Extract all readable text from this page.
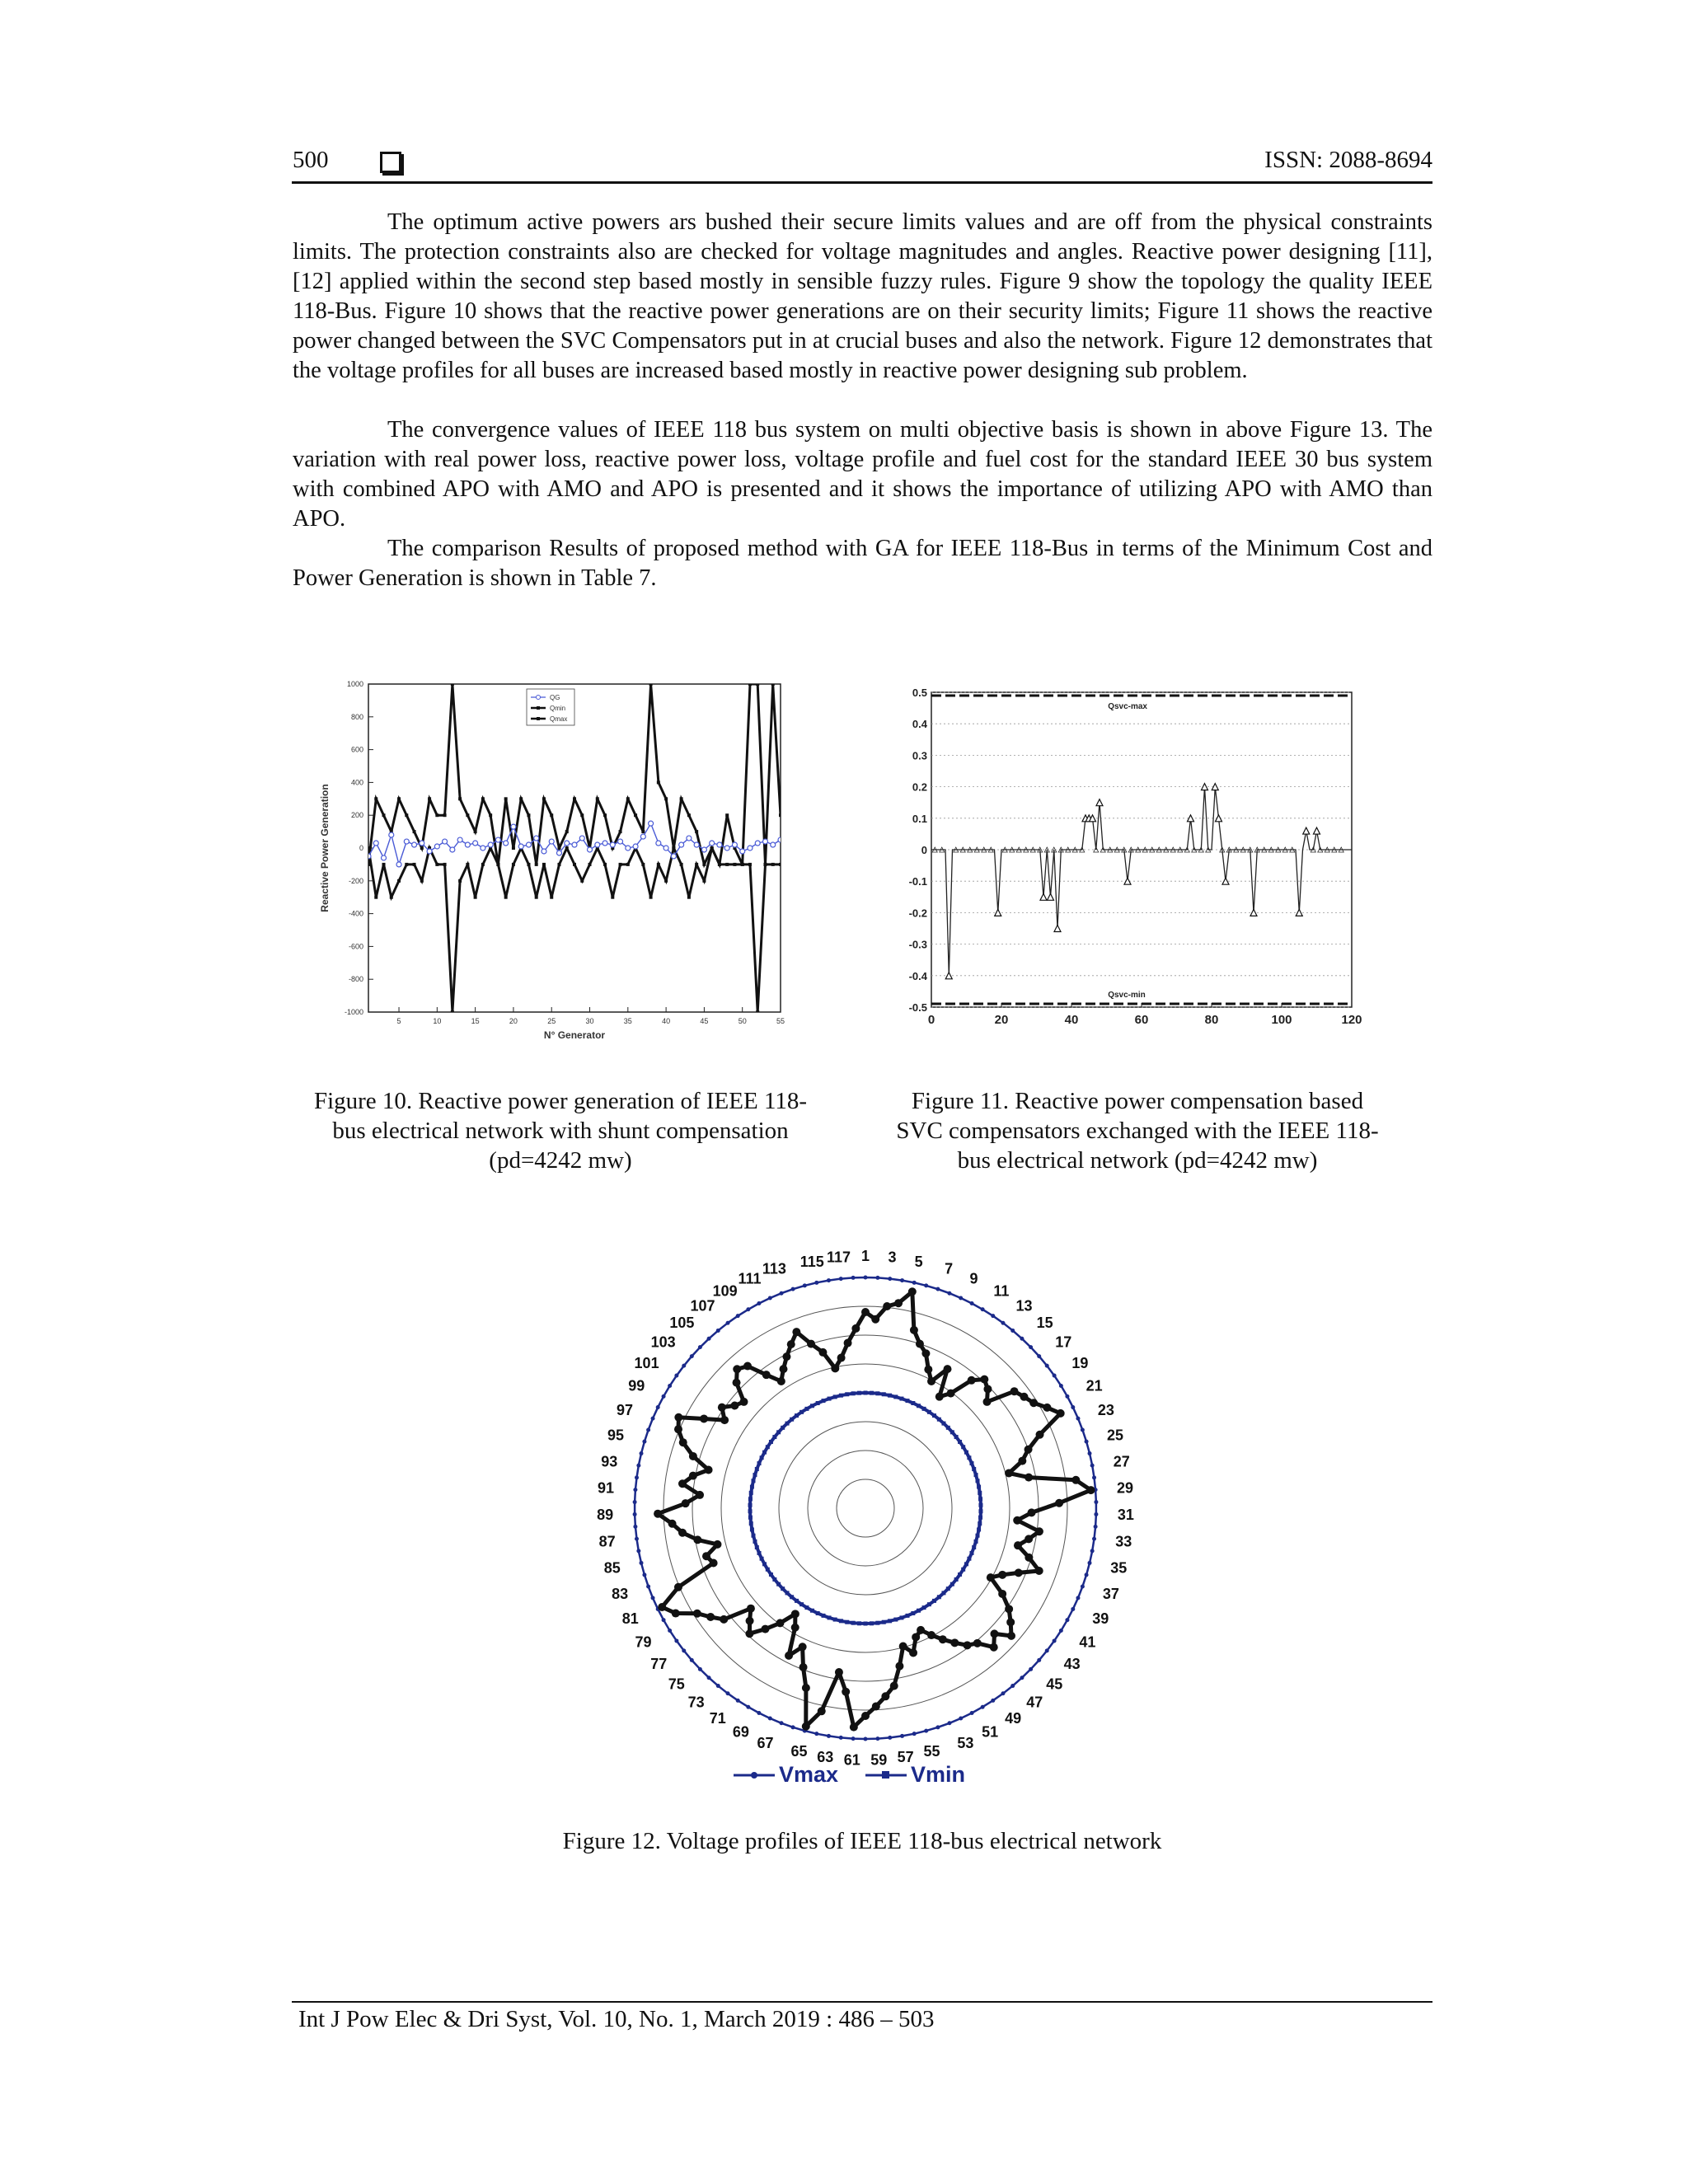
500	ISSN: 2088-8694

The optimum active powers ars bushed their secure limits values and are off from the physical constraints limits. The protection constraints also are checked for voltage magnitudes and angles. Reactive power designing [11], [12] applied within the second step based mostly in sensible fuzzy rules. Figure 9 show the topology the quality IEEE 118-Bus. Figure 10 shows that the reactive power generations are on their security limits; Figure 11 shows the reactive power changed between the SVC Compensators put in at crucial buses and also the network. Figure 12 demonstrates that the voltage profiles for all buses are increased based mostly in reactive power designing sub problem.

The convergence values of IEEE 118 bus system on multi objective basis is shown in above Figure 13. The variation with real power loss, reactive power loss, voltage profile and fuel cost for the standard IEEE 30 bus system with combined APO with AMO and APO is presented and it shows the importance of utilizing APO with AMO than APO.

The comparison Results of proposed method with GA for IEEE 118-Bus in terms of the Minimum Cost and Power Generation is shown in Table 7.

1000
800
600
400
200
0
-200
-400
-600
-800
-1000
5	10	15	20	25	30	35	40	45	50	55
N° Generator
Reactive Power Generation
QG
Qmin
Qmax
Figure 10. Reactive power generation of IEEE 118-
bus electrical network with shunt compensation
(pd=4242 mw)
0.5
0.4
0.3
0.2
0.1
0
-0.1
-0.2
-0.3
-0.4
-0.5
0	20	40	60	80	100	120
Qsvc-max
Qsvc-min
Figure 11. Reactive power compensation based
SVC compensators exchanged with the IEEE 118-
bus electrical network (pd=4242 mw)
1 3 5 7
9
11
13
15
17
19
21
23
25
27
29
31
33
35
37
39
41
43
45
47
49
51
53
55
57
59
61
63
65
67
69
71
73
75
77
79
81
83
85
87
89
91
93
95
97
99
101
103
105
107
109
111
113 115 117
Vmax	Vmin
Figure 12. Voltage profiles of IEEE 118-bus electrical network
Int J Pow Elec & Dri Syst, Vol. 10, No. 1, March 2019 : 486 – 503
